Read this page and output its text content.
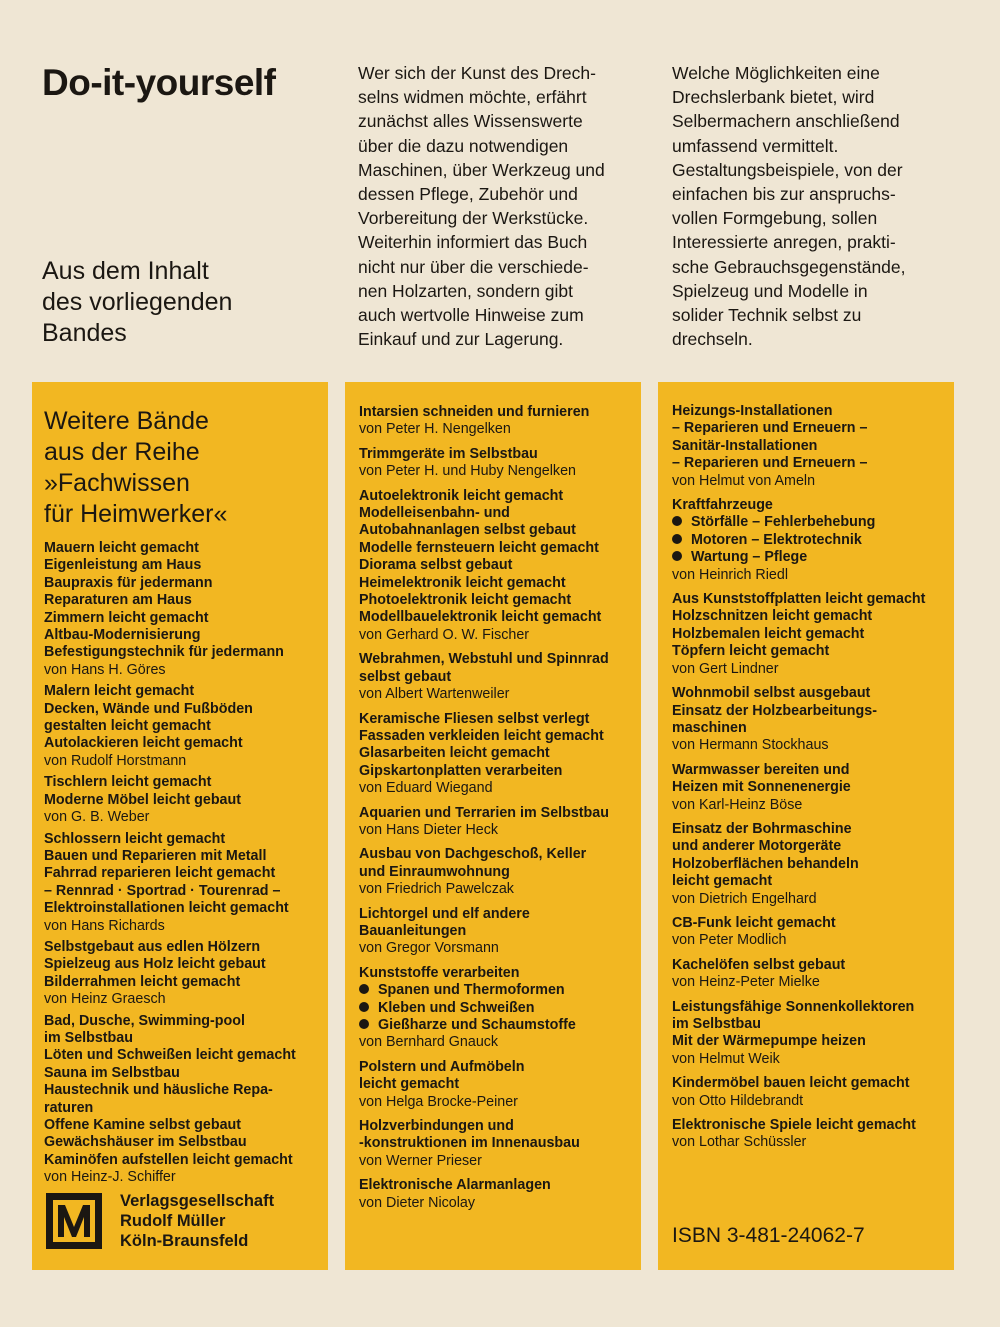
Do-it-yourself
Aus dem Inhalt
des vorliegenden
Bandes
Wer sich der Kunst des Drech-
selns widmen möchte, erfährt
zunächst alles Wissenswerte
über die dazu notwendigen
Maschinen, über Werkzeug und
dessen Pflege, Zubehör und
Vorbereitung der Werkstücke.
Weiterhin informiert das Buch
nicht nur über die verschiede-
nen Holzarten, sondern gibt
auch wertvolle Hinweise zum
Einkauf und zur Lagerung.
Welche Möglichkeiten eine
Drechslerbank bietet, wird
Selbermachern anschließend
umfassend vermittelt.
Gestaltungsbeispiele, von der
einfachen bis zur anspruchs-
vollen Formgebung, sollen
Interessierte anregen, prakti-
sche Gebrauchsgegenstände,
Spielzeug und Modelle in
solider Technik selbst zu
drechseln.
Weitere Bände
aus der Reihe
»Fachwissen
für Heimwerker«
Mauern leicht gemacht
Eigenleistung am Haus
Baupraxis für jedermann
Reparaturen am Haus
Zimmern leicht gemacht
Altbau-Modernisierung
Befestigungstechnik für jedermann
von Hans H. Göres
Malern leicht gemacht
Decken, Wände und Fußböden
gestalten leicht gemacht
Autolackieren leicht gemacht
von Rudolf Horstmann
Tischlern leicht gemacht
Moderne Möbel leicht gebaut
von G. B. Weber
Schlossern leicht gemacht
Bauen und Reparieren mit Metall
Fahrrad reparieren leicht gemacht
– Rennrad · Sportrad · Tourenrad –
Elektroinstallationen leicht gemacht
von Hans Richards
Selbstgebaut aus edlen Hölzern
Spielzeug aus Holz leicht gebaut
Bilderrahmen leicht gemacht
von Heinz Graesch
Bad, Dusche, Swimming-pool
im Selbstbau
Löten und Schweißen leicht gemacht
Sauna im Selbstbau
Haustechnik und häusliche Repa-
raturen
Offene Kamine selbst gebaut
Gewächshäuser im Selbstbau
Kaminöfen aufstellen leicht gemacht
von Heinz-J. Schiffer
Intarsien schneiden und furnieren
von Peter H. Nengelken
Trimmgeräte im Selbstbau
von Peter H. und Huby Nengelken
Autoelektronik leicht gemacht
Modelleisenbahn- und
Autobahnanlagen selbst gebaut
Modelle fernsteuern leicht gemacht
Diorama selbst gebaut
Heimelektronik leicht gemacht
Photoelektronik leicht gemacht
Modellbauelektronik leicht gemacht
von Gerhard O. W. Fischer
Webrahmen, Webstuhl und Spinnrad
selbst gebaut
von Albert Wartenweiler
Keramische Fliesen selbst verlegt
Fassaden verkleiden leicht gemacht
Glasarbeiten leicht gemacht
Gipskartonplatten verarbeiten
von Eduard Wiegand
Aquarien und Terrarien im Selbstbau
von Hans Dieter Heck
Ausbau von Dachgeschoß, Keller
und Einraumwohnung
von Friedrich Pawelczak
Lichtorgel und elf andere
Bauanleitungen
von Gregor Vorsmann
Kunststoffe verarbeiten
Spanen und Thermoformen
Kleben und Schweißen
Gießharze und Schaumstoffe
von Bernhard Gnauck
Polstern und Aufmöbeln
leicht gemacht
von Helga Brocke-Peiner
Holzverbindungen und
-konstruktionen im Innenausbau
von Werner Prieser
Elektronische Alarmanlagen
von Dieter Nicolay
Heizungs-Installationen
– Reparieren und Erneuern –
Sanitär-Installationen
– Reparieren und Erneuern –
von Helmut von Ameln
Kraftfahrzeuge
Störfälle – Fehlerbehebung
Motoren – Elektrotechnik
Wartung – Pflege
von Heinrich Riedl
Aus Kunststoffplatten leicht gemacht
Holzschnitzen leicht gemacht
Holzbemalen leicht gemacht
Töpfern leicht gemacht
von Gert Lindner
Wohnmobil selbst ausgebaut
Einsatz der Holzbearbeitungs-
maschinen
von Hermann Stockhaus
Warmwasser bereiten und
Heizen mit Sonnenenergie
von Karl-Heinz Böse
Einsatz der Bohrmaschine
und anderer Motorgeräte
Holzoberflächen behandeln
leicht gemacht
von Dietrich Engelhard
CB-Funk leicht gemacht
von Peter Modlich
Kachelöfen selbst gebaut
von Heinz-Peter Mielke
Leistungsfähige Sonnenkollektoren
im Selbstbau
Mit der Wärmepumpe heizen
von Helmut Weik
Kindermöbel bauen leicht gemacht
von Otto Hildebrandt
Elektronische Spiele leicht gemacht
von Lothar Schüssler
Verlagsgesellschaft
Rudolf Müller
Köln-Braunsfeld	ISBN 3-481-24062-7
